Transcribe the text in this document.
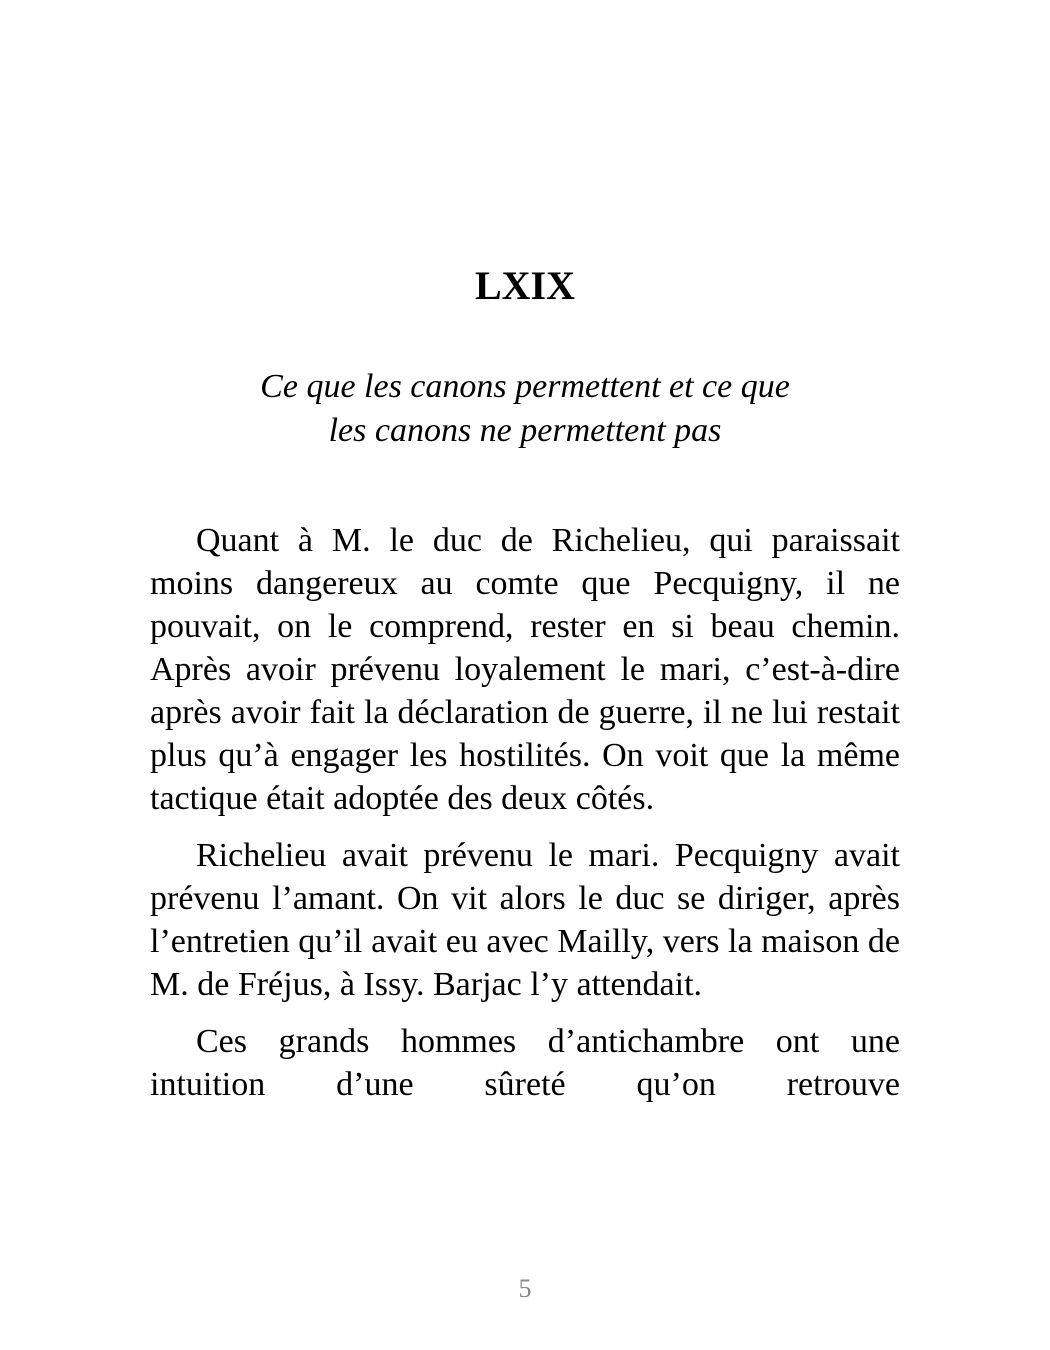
LXIX
Ce que les canons permettent et ce que
les canons ne permettent pas

Quant à M. le duc de Richelieu, qui paraissait moins dangereux au comte que Pecquigny, il ne pouvait, on le comprend, rester en si beau chemin. Après avoir prévenu loyalement le mari, c’est-à-dire après avoir fait la déclaration de guerre, il ne lui restait plus qu’à engager les hostilités. On voit que la même tactique était adoptée des deux côtés.

Richelieu avait prévenu le mari. Pecquigny avait prévenu l’amant. On vit alors le duc se diriger, après l’entretien qu’il avait eu avec Mailly, vers la maison de M. de Fréjus, à Issy. Barjac l’y attendait.

Ces grands hommes d’antichambre ont une intuition d’une sûreté qu’on retrouve

5
